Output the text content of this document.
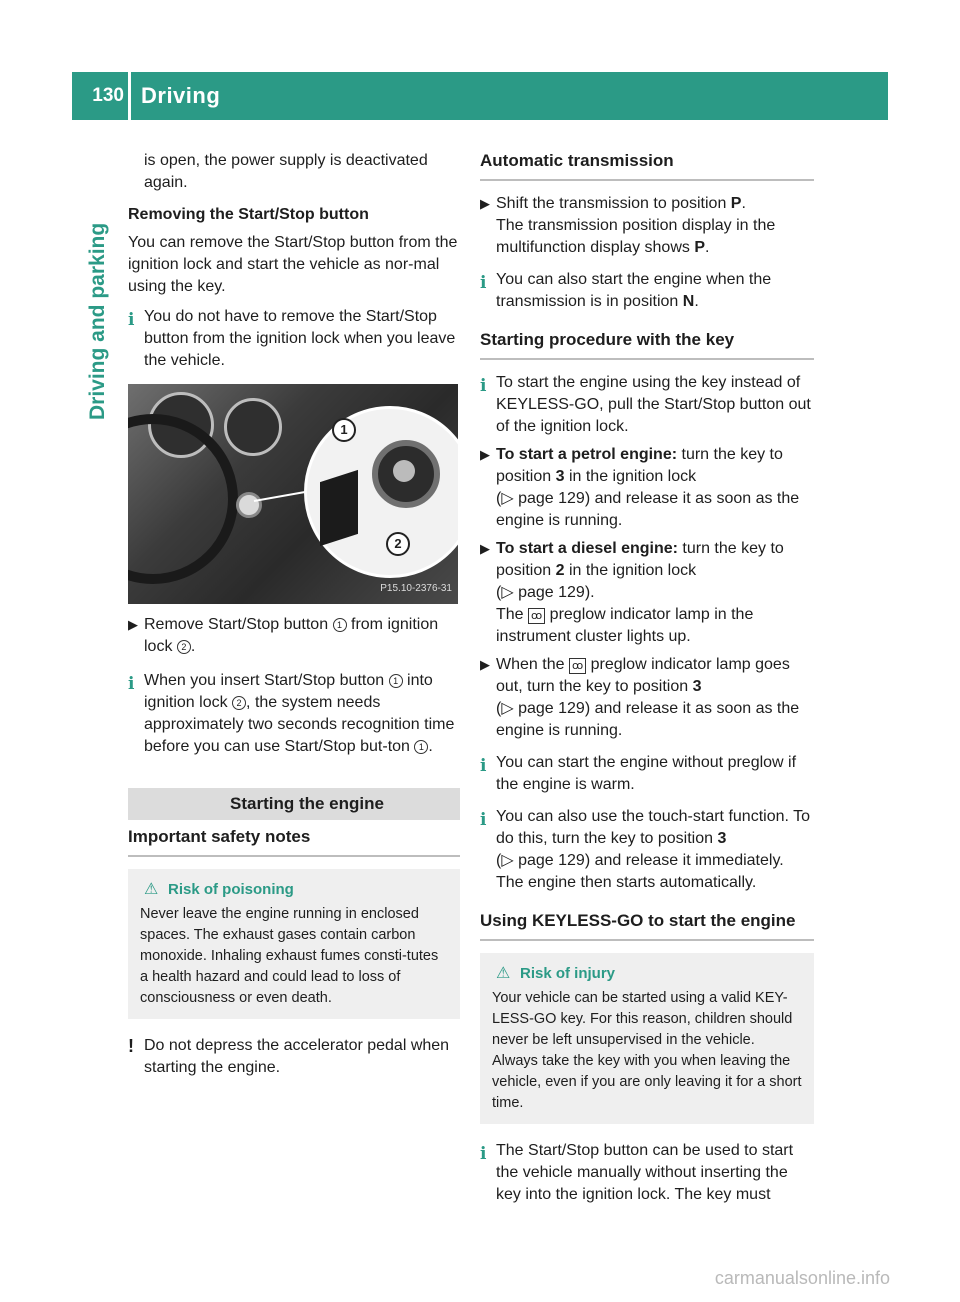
130 Driving
Driving and parking

is open, the power supply is deactivated again.

Removing the Start/Stop button

You can remove the Start/Stop button from the ignition lock and start the vehicle as nor-mal using the key.

i You do not have to remove the Start/Stop button from the ignition lock when you leave the vehicle.
1
2
P15.10-2376-31
▶ Remove Start/Stop button 1 from ignition lock 2 .
i When you insert Start/Stop button 1 into ignition lock 2 , the system needs approximately two seconds recognition time before you can use Start/Stop but-ton 1 .
Starting the engine
Important safety notes
⚠ Risk of poisoning

Never leave the engine running in enclosed spaces. The exhaust gases contain carbon monoxide. Inhaling exhaust fumes consti-tutes a health hazard and could lead to loss of consciousness or even death.

! Do not depress the accelerator pedal when starting the engine.
Automatic transmission
▶ Shift the transmission to position P.
The transmission position display in the multifunction display shows P.
i You can also start the engine when the transmission is in position N.
Starting procedure with the key
i To start the engine using the key instead of KEYLESS-GO, pull the Start/Stop button out of the ignition lock.
▶ To start a petrol engine: turn the key to position 3 in the ignition lock
(▷ page 129) and release it as soon as the engine is running.
▶ To start a diesel engine: turn the key to position 2 in the ignition lock
(▷ page 129).
The ꝏ preglow indicator lamp in the instrument cluster lights up.
▶ When the ꝏ preglow indicator lamp goes out, turn the key to position 3
(▷ page 129) and release it as soon as the engine is running.
i You can start the engine without preglow if the engine is warm.
i You can also use the touch-start function. To do this, turn the key to position 3
(▷ page 129) and release it immediately. The engine then starts automatically.
Using KEYLESS-GO to start the engine
⚠ Risk of injury

Your vehicle can be started using a valid KEY-LESS-GO key. For this reason, children should never be left unsupervised in the vehicle. Always take the key with you when leaving the vehicle, even if you are only leaving it for a short time.

i The Start/Stop button can be used to start the vehicle manually without inserting the key into the ignition lock. The key must
carmanualsonline.info
